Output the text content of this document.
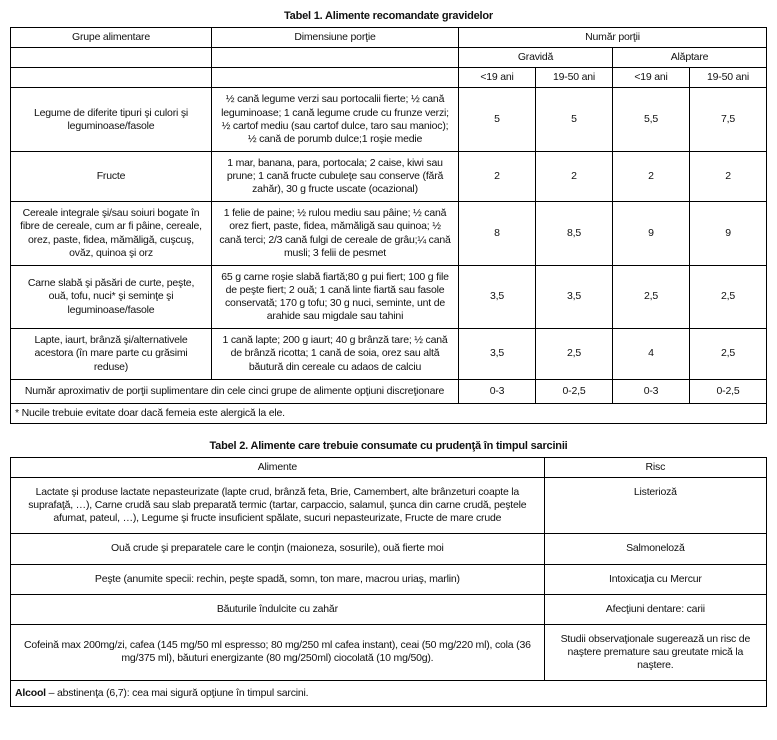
Tabel 1. Alimente recomandate gravidelor
Grupe alimentare	Dimensiune porţie	Număr porţii			
		Gravidă		Alăptare	
		<19 ani	19-50 ani	<19 ani	19-50 ani
Legume de diferite tipuri şi culori şi leguminoase/fasole	½ cană legume verzi sau portocalii fierte; ½ cană leguminoase; 1 cană legume crude cu frunze verzi; ½ cartof mediu (sau cartof dulce, taro sau manioc); ½ cană de porumb dulce;1 roşie medie	5	5	5,5	7,5
Fructe	1 mar, banana, para, portocala; 2 caise, kiwi sau prune; 1 cană fructe cubuleţe sau conserve (fără zahăr), 30 g fructe uscate (ocazional)	2	2	2	2
Cereale integrale şi/sau soiuri bogate în fibre de cereale, cum ar fi pâine, cereale, orez, paste, fidea, mămăligă, cuşcuş, ovăz, quinoa şi orz	1 felie de paine; ½ rulou mediu sau pâine; ½ cană orez fiert, paste, fidea, mămăligă sau quinoa; ½ cană terci; 2/3 cană fulgi de cereale de grâu;¼ cană musli; 3 felii de pesmet	8	8,5	9	9
Carne slabă şi păsări de curte, peşte, ouă, tofu, nuci* şi seminţe şi leguminoase/fasole	65 g carne roşie slabă fiartă;80 g pui fiert; 100 g file de peşte fiert; 2 ouă; 1 cană linte fiartă sau fasole conservată; 170 g tofu; 30 g nuci, seminte, unt de arahide sau migdale sau tahini	3,5	3,5	2,5	2,5
Lapte, iaurt, brânză şi/alternativele acestora (în mare parte cu grăsimi reduse)	1 cană lapte; 200 g iaurt; 40 g brânză tare; ½ cană de brânză ricotta; 1 cană de soia, orez sau altă băutură din cereale cu adaos de calciu	3,5	2,5	4	2,5
Număr aproximativ de porţii suplimentare din cele cinci grupe de alimente opţiuni discreţionare		0-3	0-2,5	0-3	0-2,5
* Nucile trebuie evitate doar dacă femeia este alergică la ele.					
Tabel 2. Alimente care trebuie consumate cu prudenţă în timpul sarcinii
Alimente	Risc
Lactate şi produse lactate nepasteurizate (lapte crud, brânză feta, Brie, Camembert, alte brânzeturi coapte la suprafaţă, …), Carne crudă sau slab preparată termic (tartar, carpaccio, salamul, şunca din carne crudă, peştele afumat, pateul, …), Legume şi fructe insuficient spălate, sucuri nepasteurizate, Fructe de mare crude	Listerioză
Ouă crude şi preparatele care le conţin (maioneza, sosurile), ouă fierte moi	Salmoneloză
Peşte (anumite specii: rechin, peşte spadă, somn, ton mare, macrou uriaş, marlin)	Intoxicaţia cu Mercur
Băuturile îndulcite cu zahăr	Afecţiuni dentare: carii
Cofeină max 200mg/zi, cafea (145 mg/50 ml espresso; 80 mg/250 ml cafea instant), ceai (50 mg/220 ml), cola (36 mg/375 ml), băuturi energizante (80 mg/250ml) ciocolată (10 mg/50g).	Studii observaţionale sugerează un risc de naştere premature sau greutate mică la naştere.
Alcool – abstinenţa (6,7): cea mai sigură opţiune în timpul sarcini.	
